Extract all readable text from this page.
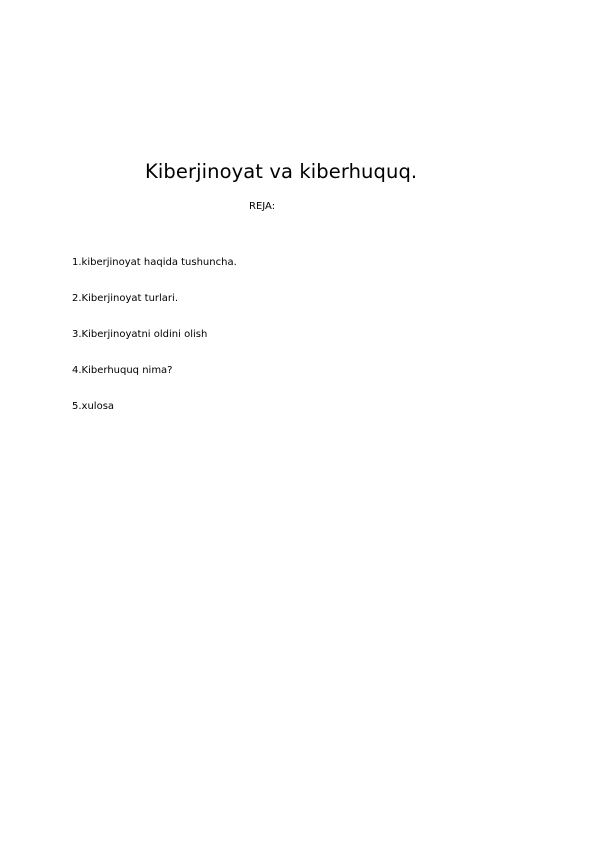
Kiberjinoyat va kiberhuquq.
REJA:
1.kiberjinoyat haqida tushuncha.
2.Kiberjinoyat turlari.
3.Kiberjinoyatni oldini olish
4.Kiberhuquq nima?
5.xulosa
